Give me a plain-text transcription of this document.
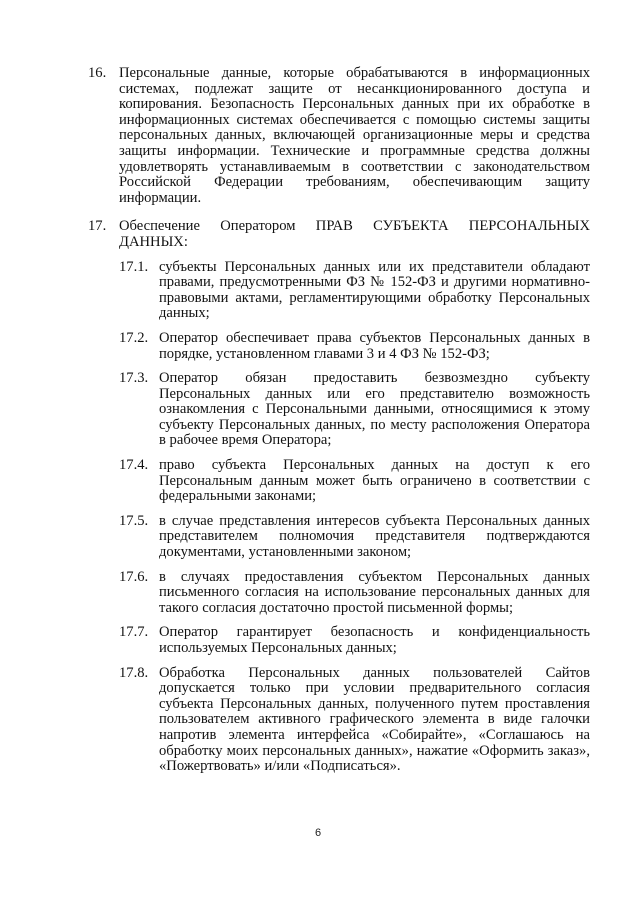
16. Персональные данные, которые обрабатываются в информационных системах, подлежат защите от несанкционированного доступа и копирования. Безопасность Персональных данных при их обработке в информационных системах обеспечивается с помощью системы защиты персональных данных, включающей организационные меры и средства защиты информации. Технические и программные средства должны удовлетворять устанавливаемым в соответствии с законодательством Российской Федерации требованиям, обеспечивающим защиту информации.
17. Обеспечение Оператором ПРАВ СУБЪЕКТА ПЕРСОНАЛЬНЫХ ДАННЫХ:
17.1. субъекты Персональных данных или их представители обладают правами, предусмотренными ФЗ № 152-ФЗ и другими нормативно-правовыми актами, регламентирующими обработку Персональных данных;
17.2. Оператор обеспечивает права субъектов Персональных данных в порядке, установленном главами 3 и 4 ФЗ № 152-ФЗ;
17.3. Оператор обязан предоставить безвозмездно субъекту Персональных данных или его представителю возможность ознакомления с Персональными данными, относящимися к этому субъекту Персональных данных, по месту расположения Оператора в рабочее время Оператора;
17.4. право субъекта Персональных данных на доступ к его Персональным данным может быть ограничено в соответствии с федеральными законами;
17.5. в случае представления интересов субъекта Персональных данных представителем полномочия представителя подтверждаются документами, установленными законом;
17.6. в случаях предоставления субъектом Персональных данных письменного согласия на использование персональных данных для такого согласия достаточно простой письменной формы;
17.7. Оператор гарантирует безопасность и конфиденциальность используемых Персональных данных;
17.8. Обработка Персональных данных пользователей Сайтов допускается только при условии предварительного согласия субъекта Персональных данных, полученного путем проставления пользователем активного графического элемента в виде галочки напротив элемента интерфейса «Собирайте», «Соглашаюсь на обработку моих персональных данных», нажатие «Оформить заказ», «Пожертвовать» и/или «Подписаться».
6
